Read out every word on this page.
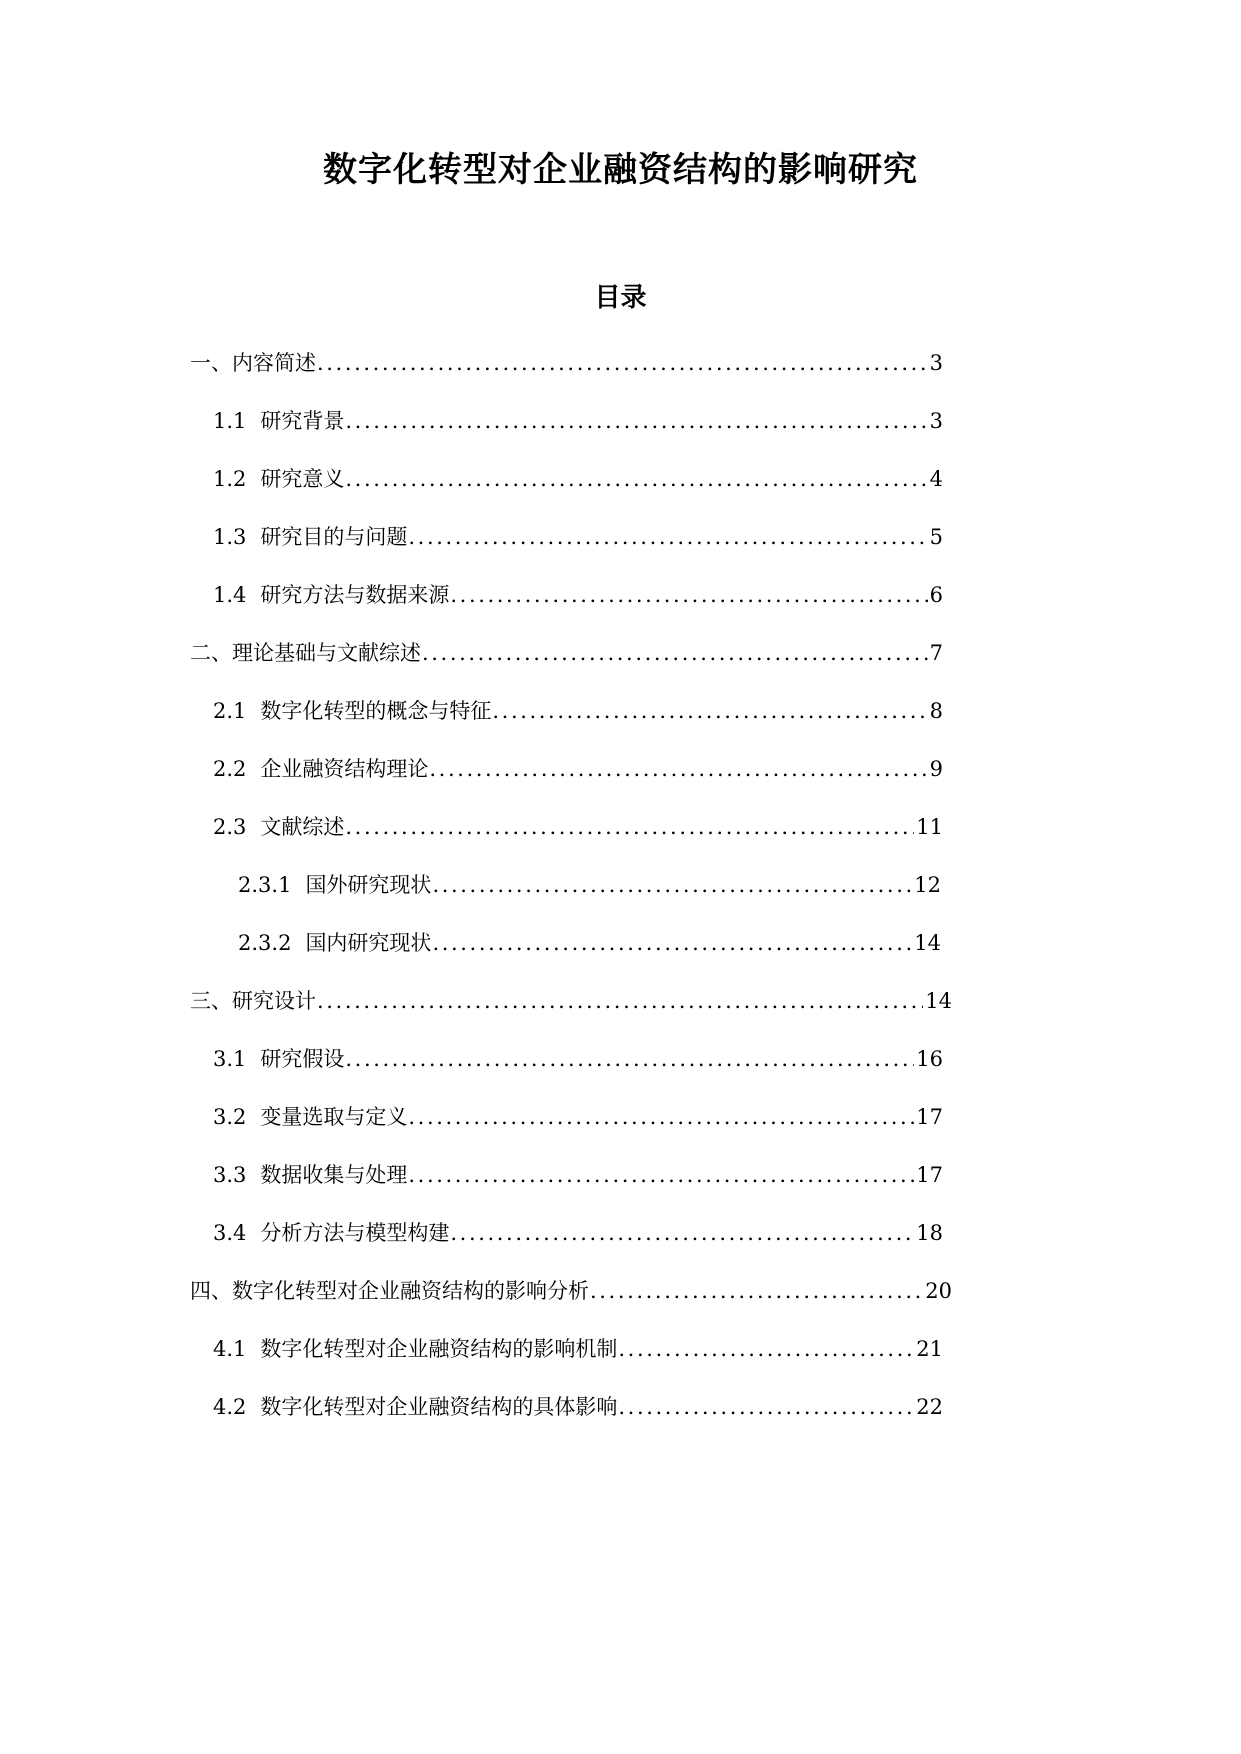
数字化转型对企业融资结构的影响研究
目录
一、内容简述 .....	3
1.1 研究背景 .....	3
1.2 研究意义 .....	4
1.3 研究目的与问题 .....	5
1.4 研究方法与数据来源 .....	6
二、理论基础与文献综述 .....	7
2.1 数字化转型的概念与特征 .....	8
2.2 企业融资结构理论 .....	9
2.3 文献综述 .....	11
2.3.1 国外研究现状 .....	12
2.3.2 国内研究现状 .....	14
三、研究设计 .....	14
3.1 研究假设 .....	16
3.2 变量选取与定义 .....	17
3.3 数据收集与处理 .....	17
3.4 分析方法与模型构建 .....	18
四、数字化转型对企业融资结构的影响分析 .....	20
4.1 数字化转型对企业融资结构的影响机制 .....	21
4.2 数字化转型对企业融资结构的具体影响 .....	22
